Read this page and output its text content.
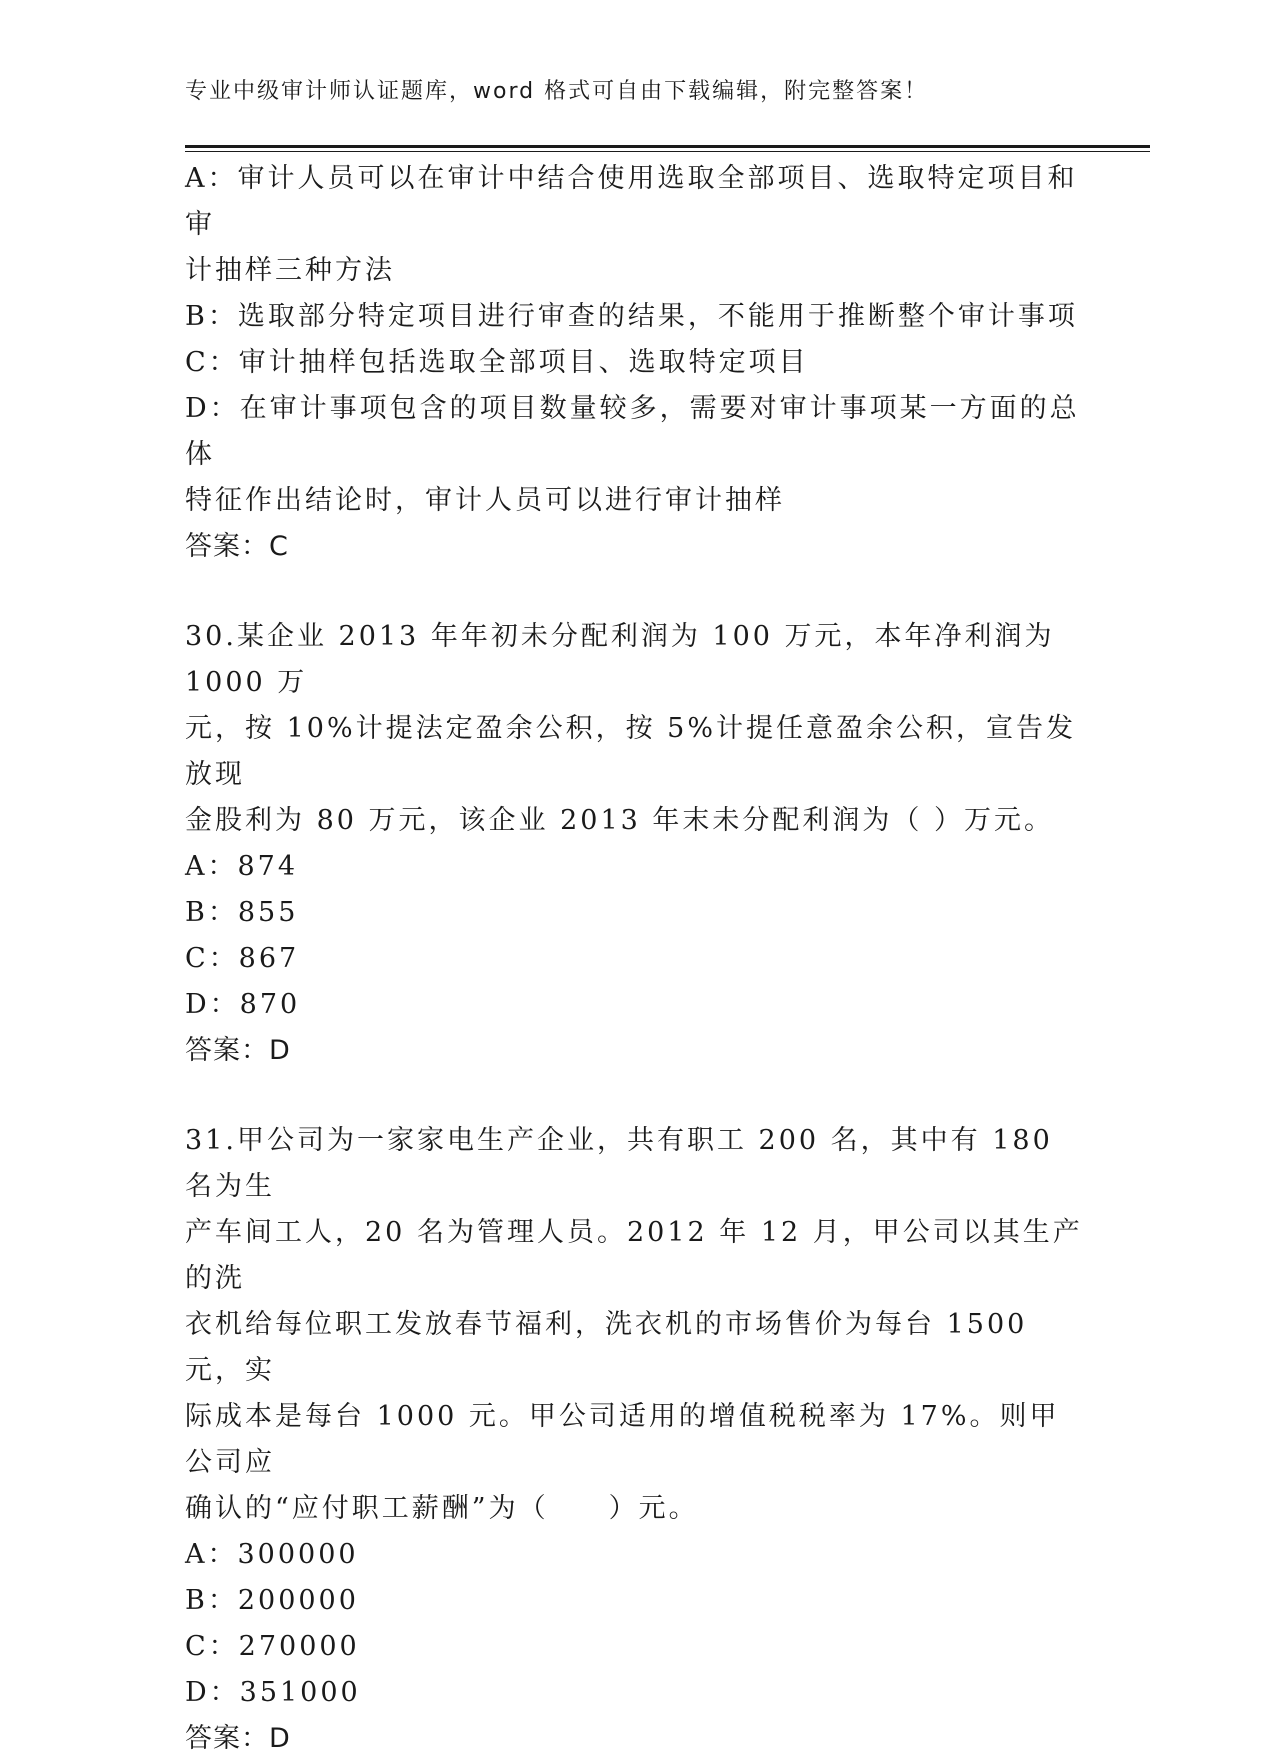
专业中级审计师认证题库，word 格式可自由下载编辑，附完整答案！

A：审计人员可以在审计中结合使用选取全部项目、选取特定项目和审

计抽样三种方法

B：选取部分特定项目进行审查的结果，不能用于推断整个审计事项

C：审计抽样包括选取全部项目、选取特定项目

D：在审计事项包含的项目数量较多，需要对审计事项某一方面的总体

特征作出结论时，审计人员可以进行审计抽样

答案：C

30.某企业 2013 年年初未分配利润为 100 万元，本年净利润为 1000 万

元，按 10%计提法定盈余公积，按 5%计提任意盈余公积，宣告发放现

金股利为 80 万元，该企业 2013 年末未分配利润为（ ）万元。

A：874

B：855

C：867

D：870

答案：D

31.甲公司为一家家电生产企业，共有职工 200 名，其中有 180 名为生

产车间工人，20 名为管理人员。2012 年 12 月，甲公司以其生产的洗

衣机给每位职工发放春节福利，洗衣机的市场售价为每台 1500 元，实

际成本是每台 1000 元。甲公司适用的增值税税率为 17%。则甲公司应

确认的“应付职工薪酬”为（　　）元。

A：300000

B：200000

C：270000

D：351000

答案：D
